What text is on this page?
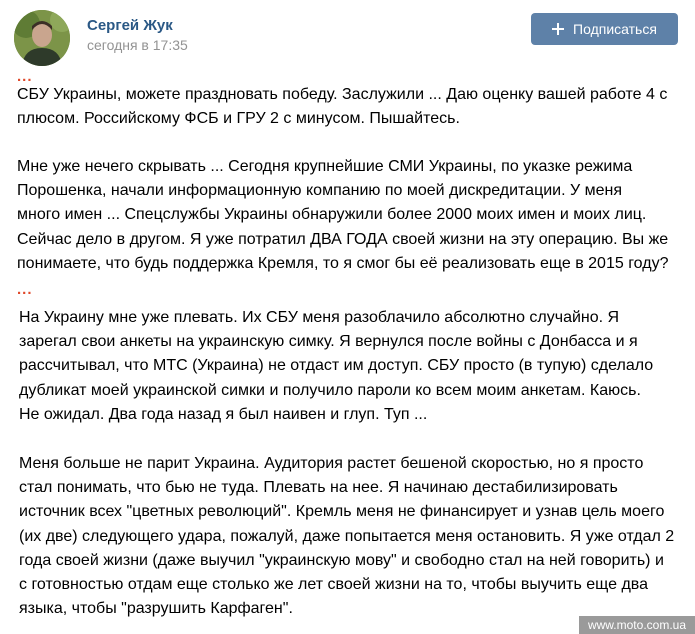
Сергей Жук
сегодня в 17:35
Подписаться
...
СБУ Украины, можете праздновать победу. Заслужили ... Даю оценку вашей работе 4 с
плюсом. Российскому ФСБ и ГРУ 2 с минусом. Пышайтесь.
Мне уже нечего скрывать ... Сегодня крупнейшие СМИ Украины, по указке режима
Порошенка, начали информационную компанию по моей дискредитации. У меня
много имен ... Спецслужбы Украины обнаружили более 2000 моих имен и моих лиц.
Сейчас дело в другом. Я уже потратил ДВА ГОДА своей жизни на эту операцию. Вы же
понимаете, что будь поддержка Кремля, то я смог бы её реализовать еще в 2015 году?
...
На Украину мне уже плевать. Их СБУ меня разоблачило абсолютно случайно. Я
зарегал свои анкеты на украинскую симку. Я вернулся после войны с Донбасса и я
рассчитывал, что МТС (Украина) не отдаст им доступ. СБУ просто (в тупую) сделало
дубликат моей украинской симки и получило пароли ко всем моим анкетам. Каюсь.
Не ожидал. Два года назад я был наивен и глуп. Туп ...
Меня больше не парит Украина. Аудитория растет бешеной скоростью, но я просто
стал понимать, что бью не туда. Плевать на нее. Я начинаю дестабилизировать
источник всех "цветных революций". Кремль меня не финансирует и узнав цель моего
(их две) следующего удара, пожалуй, даже попытается меня остановить. Я уже отдал 2
года своей жизни (даже выучил "украинскую мову" и свободно стал на ней говорить) и
с готовностью отдам еще столько же лет своей жизни на то, чтобы выучить еще два
языка, чтобы "разрушить Карфаген".
www.moto.com.ua
